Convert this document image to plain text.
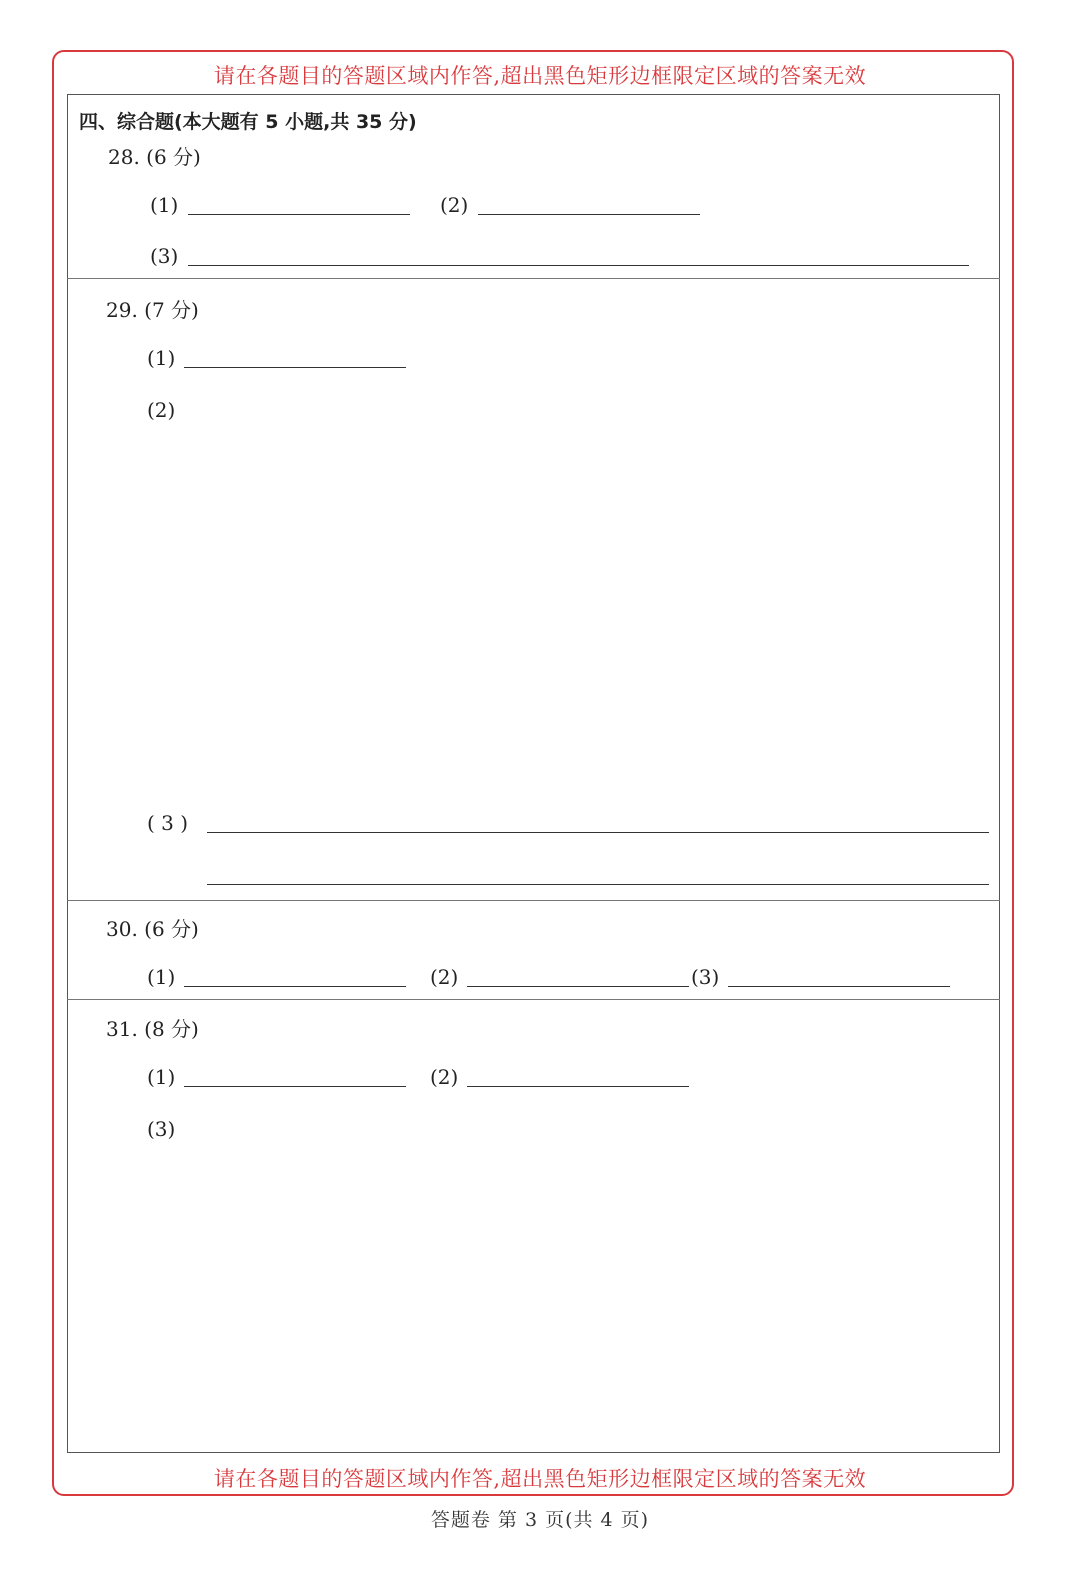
请在各题目的答题区域内作答,超出黑色矩形边框限定区域的答案无效
四、综合题(本大题有 5 小题,共 35 分)
28. (6 分)
(1)	(2)
(3)
29. (7 分)
(1)
(2)
( 3 )
30. (6 分)
(1)	(2)	(3)
31. (8 分)
(1)	(2)
(3)
请在各题目的答题区域内作答,超出黑色矩形边框限定区域的答案无效
答题卷 第 3 页(共 4 页)
